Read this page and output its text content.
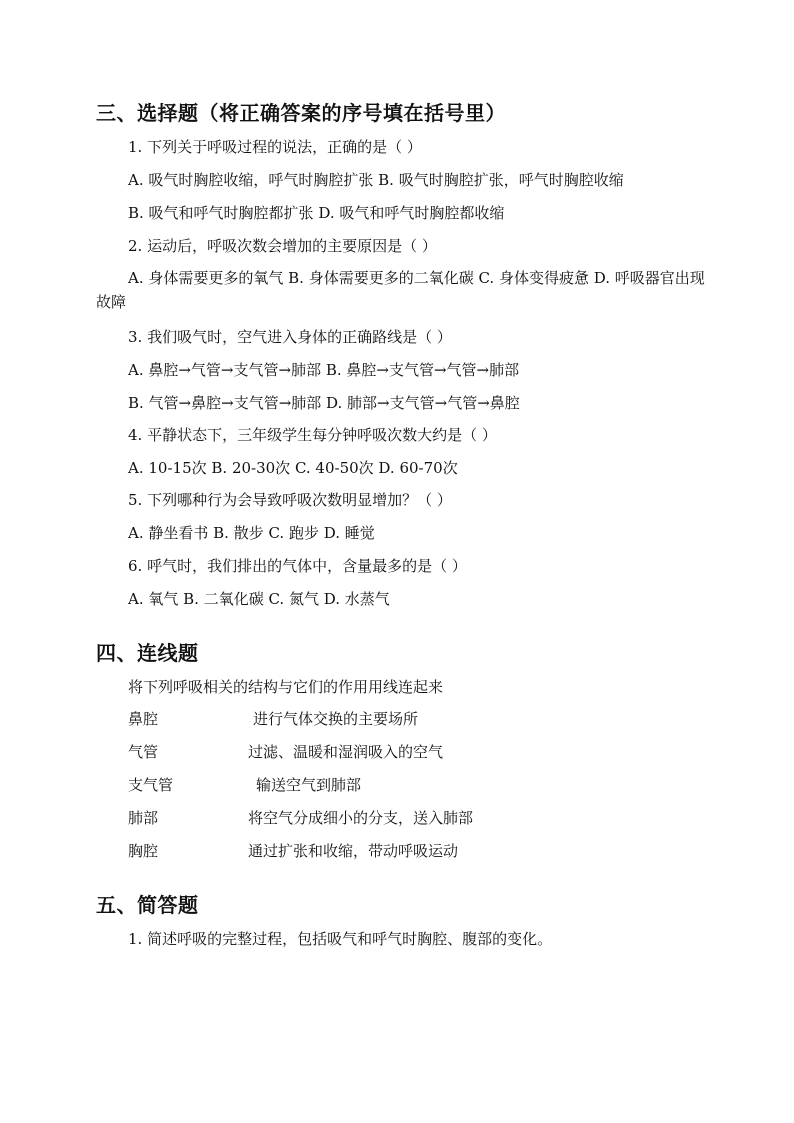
三、选择题（将正确答案的序号填在括号里）
1. 下列关于呼吸过程的说法，正确的是（ ）
A. 吸气时胸腔收缩，呼气时胸腔扩张 B. 吸气时胸腔扩张，呼气时胸腔收缩
B. 吸气和呼气时胸腔都扩张 D. 吸气和呼气时胸腔都收缩
2. 运动后，呼吸次数会增加的主要原因是（ ）
A. 身体需要更多的氧气 B. 身体需要更多的二氧化碳 C. 身体变得疲惫 D. 呼吸器官出现故障
3. 我们吸气时，空气进入身体的正确路线是（ ）
A. 鼻腔→气管→支气管→肺部 B. 鼻腔→支气管→气管→肺部
B. 气管→鼻腔→支气管→肺部 D. 肺部→支气管→气管→鼻腔
4. 平静状态下，三年级学生每分钟呼吸次数大约是（ ）
A. 10-15次 B. 20-30次 C. 40-50次 D. 60-70次
5. 下列哪种行为会导致呼吸次数明显增加？（ ）
A. 静坐看书 B. 散步 C. 跑步 D. 睡觉
6. 呼气时，我们排出的气体中，含量最多的是（ ）
A. 氧气 B. 二氧化碳 C. 氮气 D. 水蒸气
四、连线题
将下列呼吸相关的结构与它们的作用用线连起来
鼻腔	进行气体交换的主要场所
气管	过滤、温暖和湿润吸入的空气
支气管	输送空气到肺部
肺部	将空气分成细小的分支，送入肺部
胸腔	通过扩张和收缩，带动呼吸运动
五、简答题
1. 简述呼吸的完整过程，包括吸气和呼气时胸腔、腹部的变化。
